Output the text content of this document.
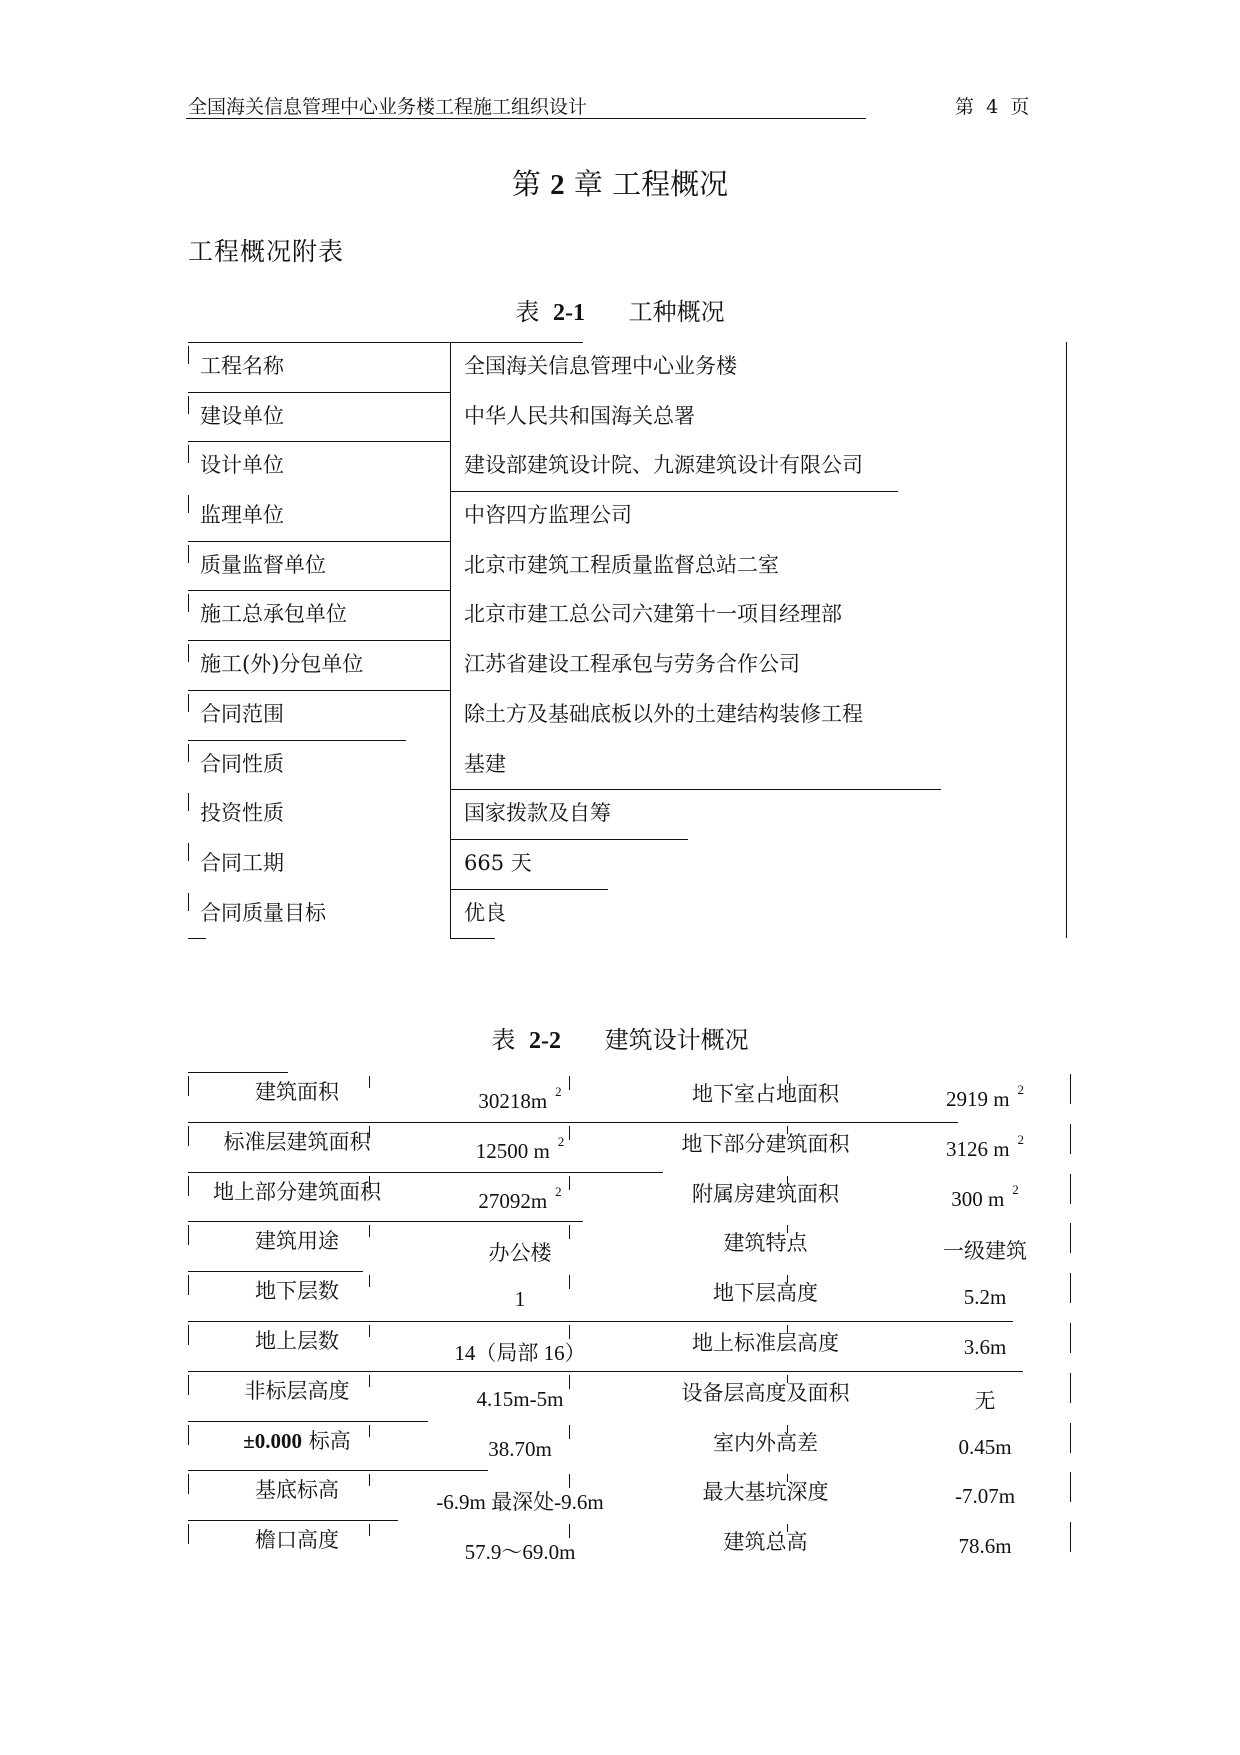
全国海关信息管理中心业务楼工程施工组织设计	第  4  页
第 2 章 工程概况
工程概况附表
表 2-1 工种概况
工程名称	全国海关信息管理中心业务楼
建设单位	中华人民共和国海关总署
设计单位	建设部建筑设计院、九源建筑设计有限公司
监理单位	中咨四方监理公司
质量监督单位	北京市建筑工程质量监督总站二室
施工总承包单位	北京市建工总公司六建第十一项目经理部
施工(外)分包单位	江苏省建设工程承包与劳务合作公司
合同范围	除土方及基础底板以外的土建结构装修工程
合同性质	基建
投资性质	国家拨款及自筹
合同工期	665 天
合同质量目标	优良
表 2-2 建筑设计概况
建筑面积	30218m $^2$	地下室占地面积	2919 m $^2$
标准层建筑面积	12500 m $^2$	地下部分建筑面积	3126 m $^2$
地上部分建筑面积	27092m $^2$	附属房建筑面积	300 m $^2$
建筑用途	办公楼	建筑特点	一级建筑
地下层数	1	地下层高度	5.2m
地上层数	14（局部 16）	地上标准层高度	3.6m
非标层高度	4.15m-5m	设备层高度及面积	无
±0.000 标高	38.70m	室内外高差	0.45m
基底标高	-6.9m 最深处-9.6m	最大基坑深度	-7.07m
檐口高度	57.9～69.0m	建筑总高	78.6m
